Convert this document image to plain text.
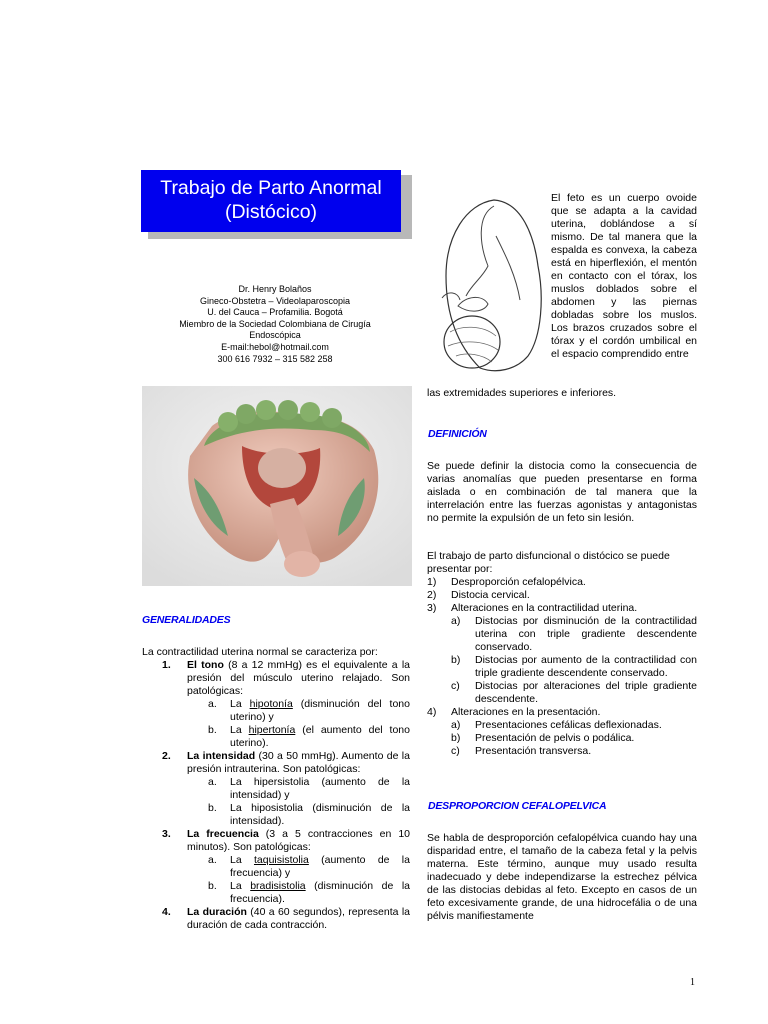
Trabajo de Parto Anormal
(Distócico)
Dr. Henry Bolaños
Gineco-Obstetra – Videolaparoscopia
U. del Cauca – Profamilia. Bogotá
Miembro de la Sociedad Colombiana de Cirugía
Endoscópica
E-mail:hebol@hotmail.com
300 616 7932 – 315 582 258
El feto es un cuerpo ovoide que se adapta a la cavidad uterina, doblándose a sí mismo. De tal manera que la espalda es convexa, la cabeza está en hiperflexión, el mentón en contacto con el tórax, los muslos doblados sobre el abdomen y las piernas dobladas sobre los muslos. Los brazos cruzados sobre el tórax y el cordón umbilical en el espacio comprendido entre
las extremidades superiores e inferiores.
GENERALIDADES
La contractilidad uterina normal se caracteriza por:
1. El tono (8 a 12 mmHg) es el equivalente a la presión del músculo uterino relajado. Son patológicas:
a. La hipotonía (disminución del tono uterino) y
b. La hipertonía (el aumento del tono uterino).
2. La intensidad (30 a 50 mmHg). Aumento de la presión intrauterina. Son patológicas:
a. La hipersistolia (aumento de la intensidad) y
b. La hiposistolia (disminución de la intensidad).
3. La frecuencia (3 a 5 contracciones en 10 minutos). Son patológicas:
a. La taquisistolia (aumento de la frecuencia) y
b. La bradisistolia (disminución de la frecuencia).
4. La duración (40 a 60 segundos), representa la duración de cada contracción.
DEFINICIÓN
Se puede definir la distocia como la consecuencia de varias anomalías que pueden presentarse en forma aislada o en combinación de tal manera que la interrelación entre las fuerzas agonistas y antagonistas no permite la expulsión de un feto sin lesión.
El trabajo de parto disfuncional o distócico se puede presentar por:
1) Desproporción cefalopélvica.
2) Distocia cervical.
3) Alteraciones en la contractilidad uterina.
a) Distocias por disminución de la contractilidad uterina con triple gradiente descendente conservado.
b) Distocias por aumento de la contractilidad con triple gradiente descendente conservado.
c) Distocias por alteraciones del triple gradiente descendente.
4) Alteraciones en la presentación.
a) Presentaciones cefálicas deflexionadas.
b) Presentación de pelvis o podálica.
c) Presentación transversa.
DESPROPORCION CEFALOPELVICA
Se habla de desproporción cefalopélvica cuando hay una disparidad entre, el tamaño de la cabeza fetal y la pelvis materna. Este término, aunque muy usado resulta inadecuado y debe independizarse la estrechez pélvica de las distocias debidas al feto. Excepto en casos de un feto excesivamente grande, de una hidrocefália o de una pélvis manifiestamente
1
